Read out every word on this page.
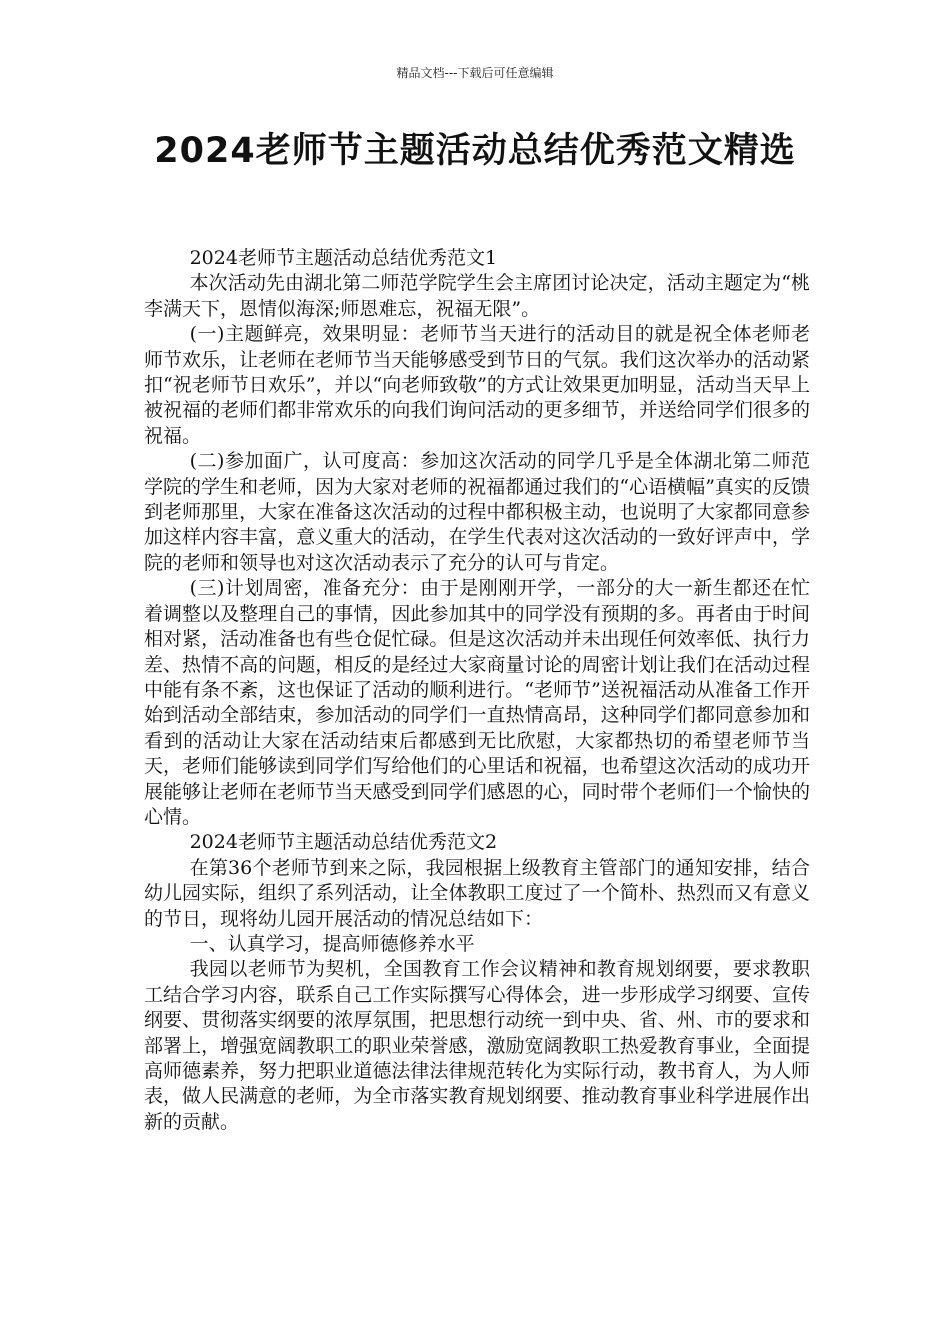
精品文档---下载后可任意编辑
2024老师节主题活动总结优秀范文精选

2024老师节主题活动总结优秀范文1

本次活动先由湖北第二师范学院学生会主席团讨论决定，活动主题定为“桃李满天下，恩情似海深;师恩难忘，祝福无限”。

(一)主题鲜亮，效果明显：老师节当天进行的活动目的就是祝全体老师老师节欢乐，让老师在老师节当天能够感受到节日的气氛。我们这次举办的活动紧扣“祝老师节日欢乐”，并以“向老师致敬”的方式让效果更加明显，活动当天早上被祝福的老师们都非常欢乐的向我们询问活动的更多细节，并送给同学们很多的祝福。

(二)参加面广，认可度高：参加这次活动的同学几乎是全体湖北第二师范学院的学生和老师，因为大家对老师的祝福都通过我们的“心语横幅”真实的反馈到老师那里，大家在准备这次活动的过程中都积极主动，也说明了大家都同意参加这样内容丰富，意义重大的活动，在学生代表对这次活动的一致好评声中，学院的老师和领导也对这次活动表示了充分的认可与肯定。

(三)计划周密，准备充分：由于是刚刚开学，一部分的大一新生都还在忙着调整以及整理自己的事情，因此参加其中的同学没有预期的多。再者由于时间相对紧，活动准备也有些仓促忙碌。但是这次活动并未出现任何效率低、执行力差、热情不高的问题，相反的是经过大家商量讨论的周密计划让我们在活动过程中能有条不紊，这也保证了活动的顺利进行。“老师节”送祝福活动从准备工作开始到活动全部结束，参加活动的同学们一直热情高昂，这种同学们都同意参加和看到的活动让大家在活动结束后都感到无比欣慰，大家都热切的希望老师节当天，老师们能够读到同学们写给他们的心里话和祝福，也希望这次活动的成功开展能够让老师在老师节当天感受到同学们感恩的心，同时带个老师们一个愉快的心情。

2024老师节主题活动总结优秀范文2

在第36个老师节到来之际，我园根据上级教育主管部门的通知安排，结合幼儿园实际，组织了系列活动，让全体教职工度过了一个简朴、热烈而又有意义的节日，现将幼儿园开展活动的情况总结如下：

一、认真学习，提高师德修养水平

我园以老师节为契机，全国教育工作会议精神和教育规划纲要，要求教职工结合学习内容，联系自己工作实际撰写心得体会，进一步形成学习纲要、宣传纲要、贯彻落实纲要的浓厚氛围，把思想行动统一到中央、省、州、市的要求和部署上，增强宽阔教职工的职业荣誉感，激励宽阔教职工热爱教育事业，全面提高师德素养，努力把职业道德法律法律规范转化为实际行动，教书育人，为人师表，做人民满意的老师，为全市落实教育规划纲要、推动教育事业科学进展作出新的贡献。
